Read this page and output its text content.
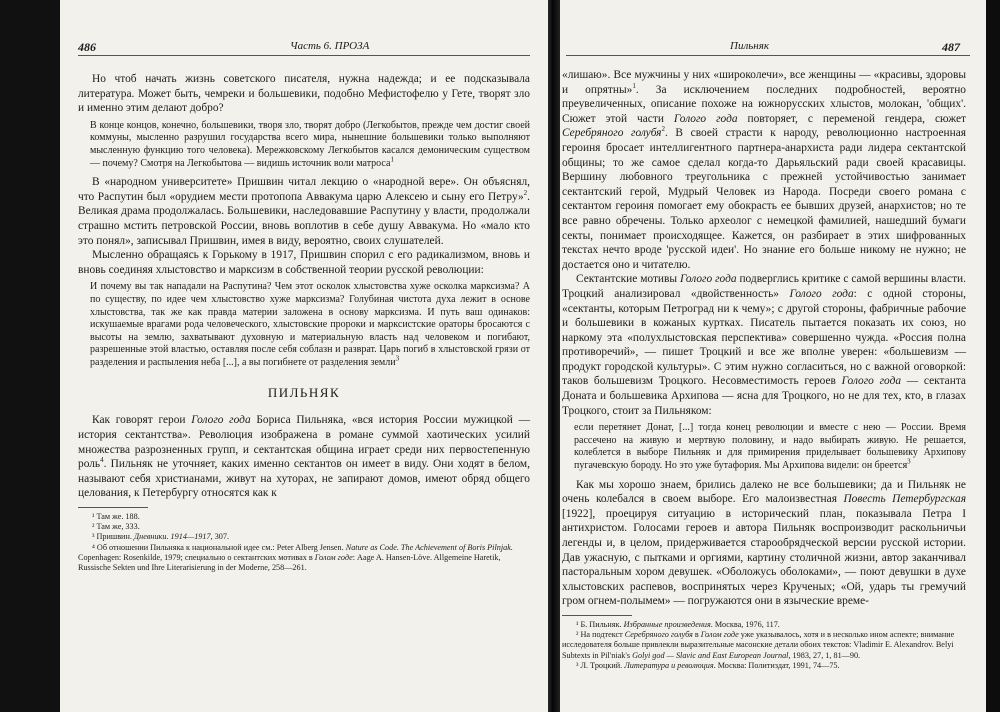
486	Часть 6. ПРОЗА

Но чтоб начать жизнь советского писателя, нужна надежда; и ее подсказывала литература. Может быть, чемреки и большевики, подобно Мефистофелю у Гете, творят зло и именно этим делают добро?

В конце концов, конечно, большевики, творя зло, творят добро (Легкобытов, прежде чем достиг своей коммуны, мысленно разрушил государства всего мира, нынешние большевики только выполняют мысленную функцию того человека). Мережковскому Легкобытов касался демоническим существом — почему? Смотря на Легкобытова — видишь источник воли матроса$^1$

В «народном университете» Пришвин читал лекцию о «народной вере». Он объяснял, что Распутин был «орудием мести протопопа Аввакума царю Алексею и сыну его Петру»$^2$. Великая драма продолжалась. Большевики, наследовавшие Распутину у власти, продолжали страшно мстить петровской России, вновь воплотив в себе душу Аввакума. Но «мало кто это понял», записывал Пришвин, имея в виду, вероятно, своих слушателей.

Мысленно обращаясь к Горькому в 1917, Пришвин спорил с его радикализмом, вновь и вновь соединяя хлыстовство и марксизм в собственной теории русской революции:

И почему вы так нападали на Распутина? Чем этот осколок хлыстовства хуже осколка марксизма? А по существу, по идее чем хлыстовство хуже марксизма? Голубиная чистота духа лежит в основе хлыстовства, так же как правда материи заложена в основу марксизма. И путь ваш одинаков: искушаемые врагами рода человеческого, хлыстовские пророки и марксистские ораторы бросаются с высоты на землю, захватывают духовную и материальную власть над человеком и погибают, разрешенные этой властью, оставляя после себя соблазн и разврат. Царь погиб в хлыстовской грязи от разделения и распыления неба [...], а вы погибнете от разделения земли$^3$

ПИЛЬНЯК

Как говорят герои Голого года Бориса Пильняка, «вся история России мужицкой — история сектантства». Революция изображена в романе суммой хаотических усилий множества разрозненных групп, и сектантская община играет среди них первостепенную роль$^4$. Пильняк не уточняет, каких именно сектантов он имеет в виду. Они ходят в белом, называют себя христианами, живут на хуторах, не запирают домов, имеют обряд общего целования, к Петербургу относятся как к

¹ Там же. 188.

² Там же, 333.

³ Пришвин. Дневники. 1914—1917, 307.

⁴ Об отношении Пильняка к национальной идее см.: Peter Alberg Jensen. Nature as Code. The Achievement of Boris Pilnjak. Copenhagen: Rosenkilde, 1979; специально о сектантских мотивах в Голом годе: Aage A. Hansen-Löve. Allgemeine Haretik, Russische Sekten und Ihre Literarisierung in der Moderne, 258—261.

Пильняк	487

«лишаю». Все мужчины у них «широколечи», все женщины — «красивы, здоровы и опрятны»$^1$. За исключением последних подробностей, вероятно преувеличенных, описание похоже на южнорусских хлыстов, молокан, 'общих'. Сюжет этой части Голого года повторяет, с переменой гендера, сюжет Серебряного голубя$^2$. В своей страсти к народу, революционно настроенная героиня бросает интеллигентного партнера-анархиста ради лидера сектантской общины; то же самое сделал когда-то Дарьяльский ради своей красавицы. Вершину любовного треугольника с прежней устойчивостью занимает сектантский герой, Мудрый Человек из Народа. Посреди своего романа с сектантом героиня помогает ему обокрасть ее бывших друзей, анархистов; но те все равно обречены. Только археолог с немецкой фамилией, нашедший бумаги секты, понимает происходящее. Кажется, он разбирает в этих шифрованных текстах нечто вроде 'русской идеи'. Но знание его больше никому не нужно; не достается оно и читателю.

Сектантские мотивы Голого года подверглись критике с самой вершины власти. Троцкий анализировал «двойственность» Голого года: с одной стороны, «сектанты, которым Петроград ни к чему»; с другой стороны, фабричные рабочие и большевики в кожаных куртках. Писатель пытается показать их союз, но наркому эта «полухлыстовская перспектива» совершенно чужда. «Россия полна противоречий», — пишет Троцкий и все же вполне уверен: «большевизм — продукт городской культуры». С этим нужно согласиться, но с важной оговоркой: таков большевизм Троцкого. Несовместимость героев Голого года — сектанта Доната и большевика Архипова — ясна для Троцкого, но не для тех, кто, в глазах Троцкого, стоит за Пильняком:

если перетянет Донат, [...] тогда конец революции и вместе с нею — России. Время рассечено на живую и мертвую половину, и надо выбирать живую. Не решается, колеблется в выборе Пильняк и для примирения приделывает большевику Архипову пугачевскую бороду. Но это уже бутафория. Мы Архипова видели: он бреется$^3$

Как мы хорошо знаем, брились далеко не все большевики; да и Пильняк не очень колебался в своем выборе. Его малоизвестная Повесть Петербургская [1922], проецируя ситуацию в исторический план, показывала Петра I антихристом. Голосами героев и автора Пильняк воспроизводит раскольничьи легенды и, в целом, придерживается старообрядческой версии русской истории. Дав ужасную, с пытками и оргиями, картину столичной жизни, автор заканчивал пасторальным хором девушек. «Оболожусь оболоками», — поют девушки в духе хлыстовских распевов, воспринятых через Крученых; «Ой, ударь ты гремучий гром огнем-полымем» — погружаются они в языческие време-

¹ Б. Пильняк. Избранные произведения. Москва, 1976, 117.

² На подтекст Серебряного голубя в Голом годе уже указывалось, хотя и в несколько ином аспекте; внимание исследователя больше привлекли выразительные масонские детали обоих текстов: Vladimir E. Alexandrov. Belyi Subtexts in Pil'niak's Golyi god — Slavic and East European Journal, 1983, 27, 1, 81—90.

³ Л. Троцкий. Литература и революция. Москва: Политиздат, 1991, 74—75.
